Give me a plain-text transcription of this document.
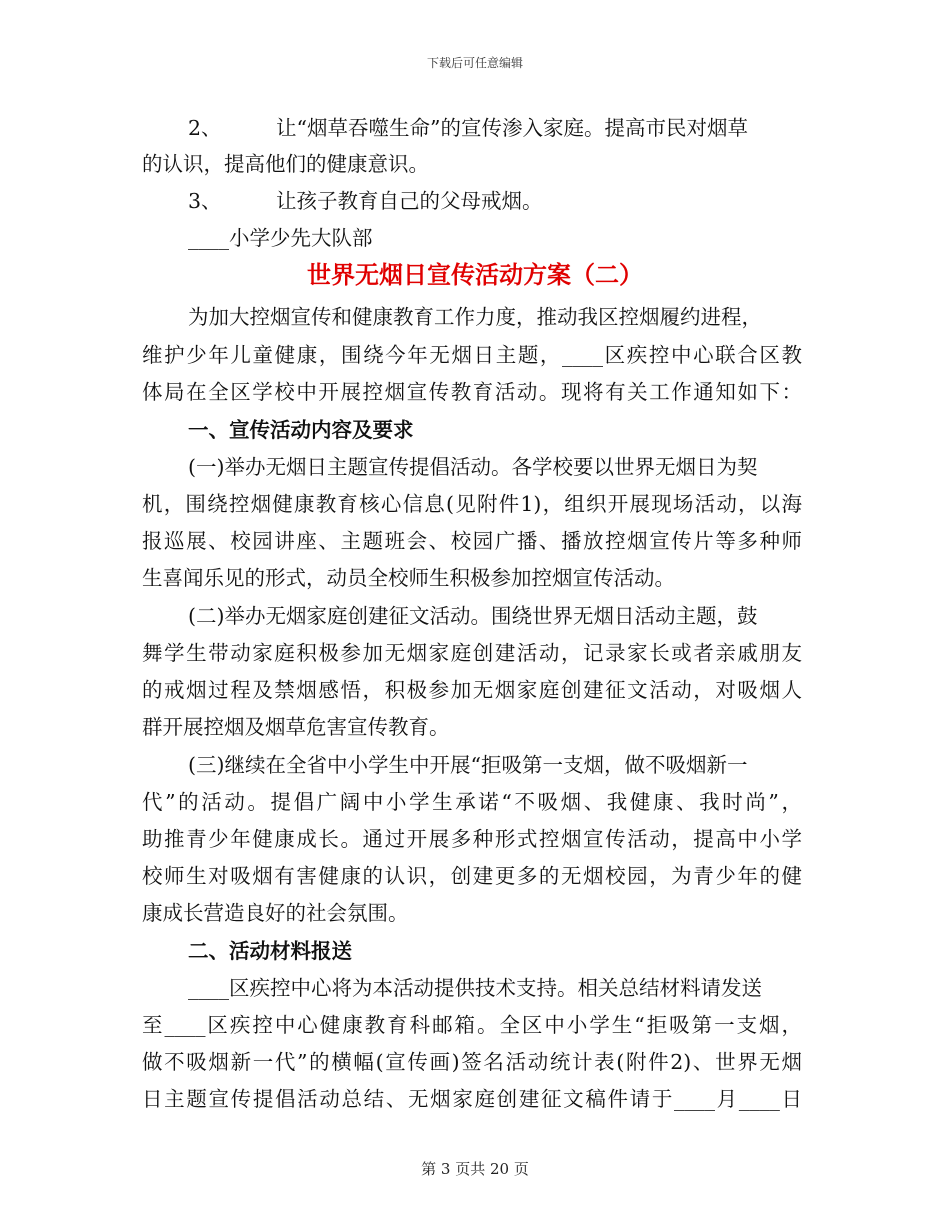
下载后可任意编辑
2、	让“烟草吞噬生命”的宣传渗入家庭。提高市民对烟草
的认识，提高他们的健康意识。
3、	让孩子教育自己的父母戒烟。
____小学少先大队部
世界无烟日宣传活动方案（二）
为加大控烟宣传和健康教育工作力度，推动我区控烟履约进程，
维护少年儿童健康，围绕今年无烟日主题，____区疾控中心联合区教
体局在全区学校中开展控烟宣传教育活动。现将有关工作通知如下：
一、宣传活动内容及要求
(一)举办无烟日主题宣传提倡活动。各学校要以世界无烟日为契
机，围绕控烟健康教育核心信息(见附件1)，组织开展现场活动，以海
报巡展、校园讲座、主题班会、校园广播、播放控烟宣传片等多种师
生喜闻乐见的形式，动员全校师生积极参加控烟宣传活动。
(二)举办无烟家庭创建征文活动。围绕世界无烟日活动主题，鼓
舞学生带动家庭积极参加无烟家庭创建活动，记录家长或者亲戚朋友
的戒烟过程及禁烟感悟，积极参加无烟家庭创建征文活动，对吸烟人
群开展控烟及烟草危害宣传教育。
(三)继续在全省中小学生中开展“拒吸第一支烟，做不吸烟新一
代”的活动。提倡广阔中小学生承诺“不吸烟、我健康、我时尚”，
助推青少年健康成长。通过开展多种形式控烟宣传活动，提高中小学
校师生对吸烟有害健康的认识，创建更多的无烟校园，为青少年的健
康成长营造良好的社会氛围。
二、活动材料报送
____区疾控中心将为本活动提供技术支持。相关总结材料请发送
至____区疾控中心健康教育科邮箱。全区中小学生“拒吸第一支烟，
做不吸烟新一代”的横幅(宣传画)签名活动统计表(附件2)、世界无烟
日主题宣传提倡活动总结、无烟家庭创建征文稿件请于____月____日
第 3 页共 20 页
